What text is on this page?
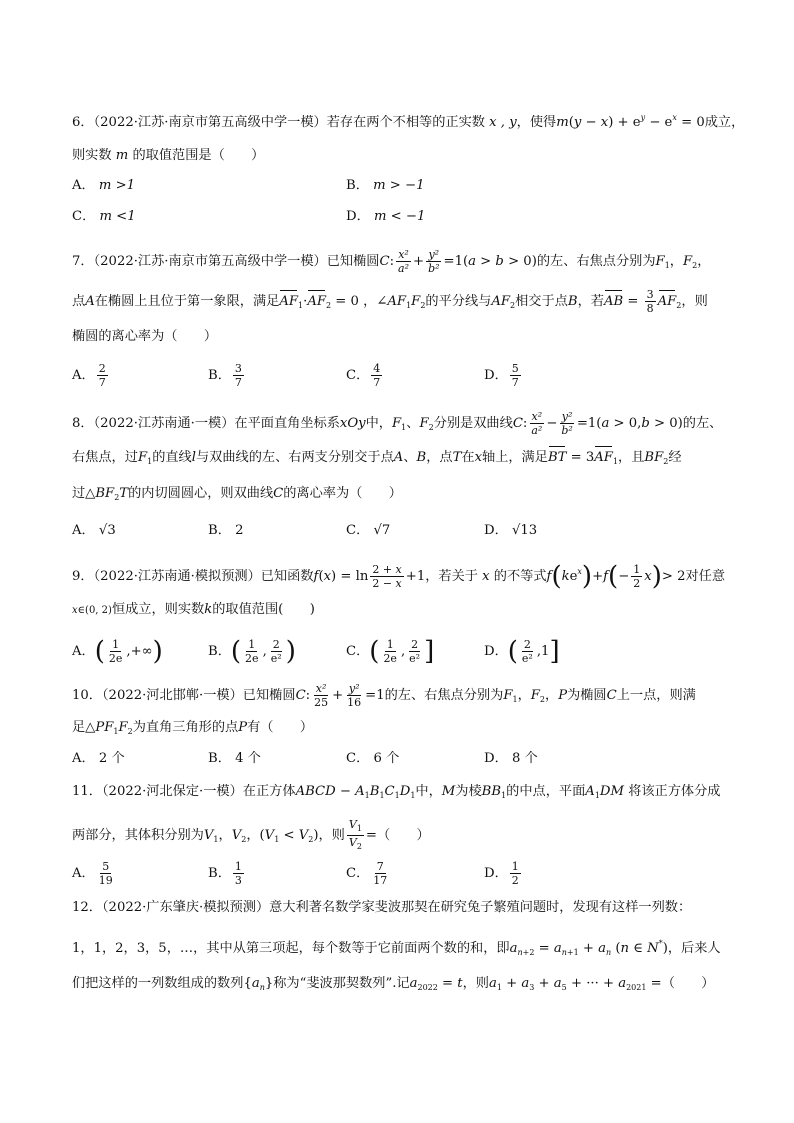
6．（2022·江苏·南京市第五高级中学一模）若存在两个不相等的正实数 x , y，使得$m(y - x) + e^y - e^x = 0$成立，
则实数 m 的取值范围是（　　）
A． m >1	B． m > −1
C． m <1	D． m < −1
7．（2022·江苏·南京市第五高级中学一模）已知椭圆C: $\frac{\text{x²}}{\text{a²}} + \frac{\text{y²}}{\text{b²}} =1(a > b > 0)$的左、右焦点分别为$F_1$，$F_2$，
点A在椭圆上且位于第一象限，满足$AF_1\cdot AF_2 = 0$ ，$\angle AF_1F_2$的平分线与$AF_2$相交于点B，若AB = $\frac{3}{8} AF_2$，则
椭圆的离心率为（　　）
A． $\frac{2}{7}$	B． $\frac{3}{7}$	C． $\frac{4}{7}$	D． $\frac{5}{7}$
8．（2022·江苏南通·一模）在平面直角坐标系xOy中，$F_1$、$F_2$分别是双曲线C: $\frac{\text{x²}}{\text{a²}} - \frac{\text{y²}}{\text{b²}} =1(a > 0,b > 0)$的左、
右焦点，过$F_1$的直线l与双曲线的左、右两支分别交于点A、B，点T在x轴上，满足BT = $3AF_1$，且$BF_2$经
过$\triangle BF_2T$的内切圆圆心，则双曲线C的离心率为（　　）
A． √3	B． 2	C． √7	D． √13
9．（2022·江苏南通·模拟预测）已知函数$f(x) = \ln \frac{2 + x}{2 - x} +1$，若关于 x 的不等式$f(ke^x)+f(- \frac{1}{2} x)> 2$对任意
x∈(0, 2)恒成立，则实数k的取值范围(　　)
A．( $\frac{1}{2e}$ ,+∞)	B．( $\frac{1}{2e}$ , $\frac{2}{\text{e²}}$ )	C．( $\frac{1}{2e}$ , $\frac{2}{\text{e²}}$ ]	D．( $\frac{2}{\text{e²}} ,1$]
10．（2022·河北邯郸·一模）已知椭圆C: $\frac{\text{x²}}{25} + \frac{\text{y²}}{16} =1$的左、右焦点分别为$F_1$，$F_2$，P为椭圆C上一点，则满
足$\triangle PF_1F_2$为直角三角形的点P有（　　）
A． 2 个	B． 4 个	C． 6 个	D． 8 个
11．（2022·河北保定·一模）在正方体ABCD − $A_1B_1C_1D_1$中，M为棱$BB_1$的中点，平面$A_1DM$ 将该正方体分成
两部分，其体积分别为$V_1$，$V_2$，$(V_1 < V_2)$，则 $\frac{V_1}{V_2}$ =（　　）
A． $\frac{5}{19}$	B． $\frac{1}{3}$	C． $\frac{7}{17}$	D． $\frac{1}{2}$
12．（2022·广东肇庆·模拟预测）意大利著名数学家斐波那契在研究兔子繁殖问题时，发现有这样一列数：
1，1，2，3，5，…，其中从第三项起，每个数等于它前面两个数的和，即$a_{n+2} = a_{n+1} + a_n$ (n ∈ N*)，后来人
们把这样的一列数组成的数列$\{a_n\}$称为“斐波那契数列”.记$a_{2022} = t$，则$a_1 + a_3 + a_5$ + ··· + $a_{2021}$ =（　　）
